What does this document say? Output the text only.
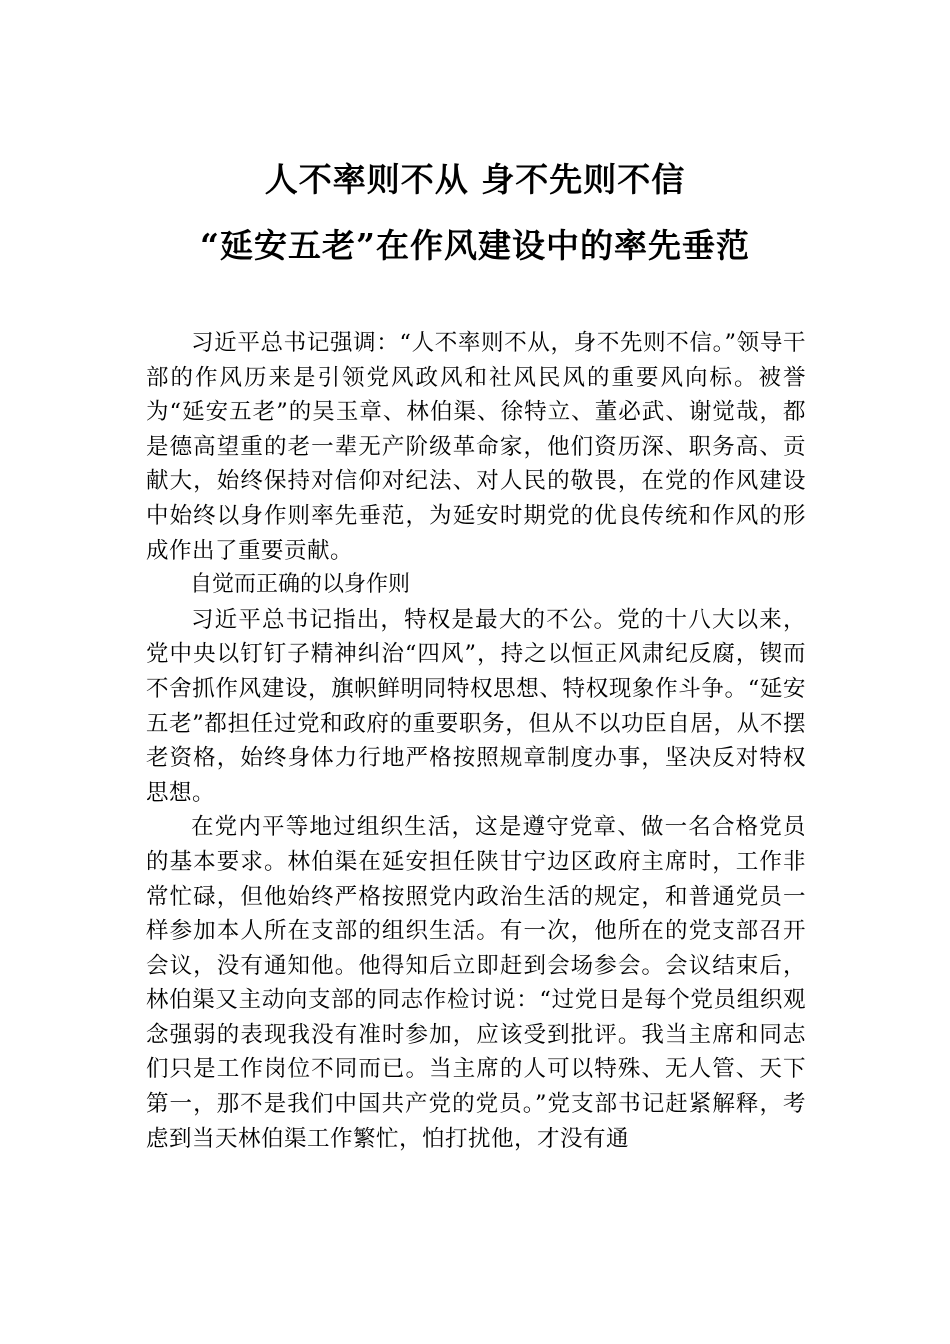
人不率则不从 身不先则不信
“延安五老”在作风建设中的率先垂范

习近平总书记强调：“人不率则不从，身不先则不信。”领导干部的作风历来是引领党风政风和社风民风的重要风向标。被誉为“延安五老”的吴玉章、林伯渠、徐特立、董必武、谢觉哉，都是德高望重的老一辈无产阶级革命家，他们资历深、职务高、贡献大，始终保持对信仰对纪法、对人民的敬畏，在党的作风建设中始终以身作则率先垂范，为延安时期党的优良传统和作风的形成作出了重要贡献。

自觉而正确的以身作则

习近平总书记指出，特权是最大的不公。党的十八大以来，党中央以钉钉子精神纠治“四风”，持之以恒正风肃纪反腐，锲而不舍抓作风建设，旗帜鲜明同特权思想、特权现象作斗争。“延安五老”都担任过党和政府的重要职务，但从不以功臣自居，从不摆老资格，始终身体力行地严格按照规章制度办事，坚决反对特权思想。

在党内平等地过组织生活，这是遵守党章、做一名合格党员的基本要求。林伯渠在延安担任陕甘宁边区政府主席时，工作非常忙碌，但他始终严格按照党内政治生活的规定，和普通党员一样参加本人所在支部的组织生活。有一次，他所在的党支部召开会议，没有通知他。他得知后立即赶到会场参会。会议结束后，林伯渠又主动向支部的同志作检讨说：“过党日是每个党员组织观念强弱的表现我没有准时参加，应该受到批评。我当主席和同志们只是工作岗位不同而已。当主席的人可以特殊、无人管、天下第一，那不是我们中国共产党的党员。”党支部书记赶紧解释，考虑到当天林伯渠工作繁忙，怕打扰他，才没有通
